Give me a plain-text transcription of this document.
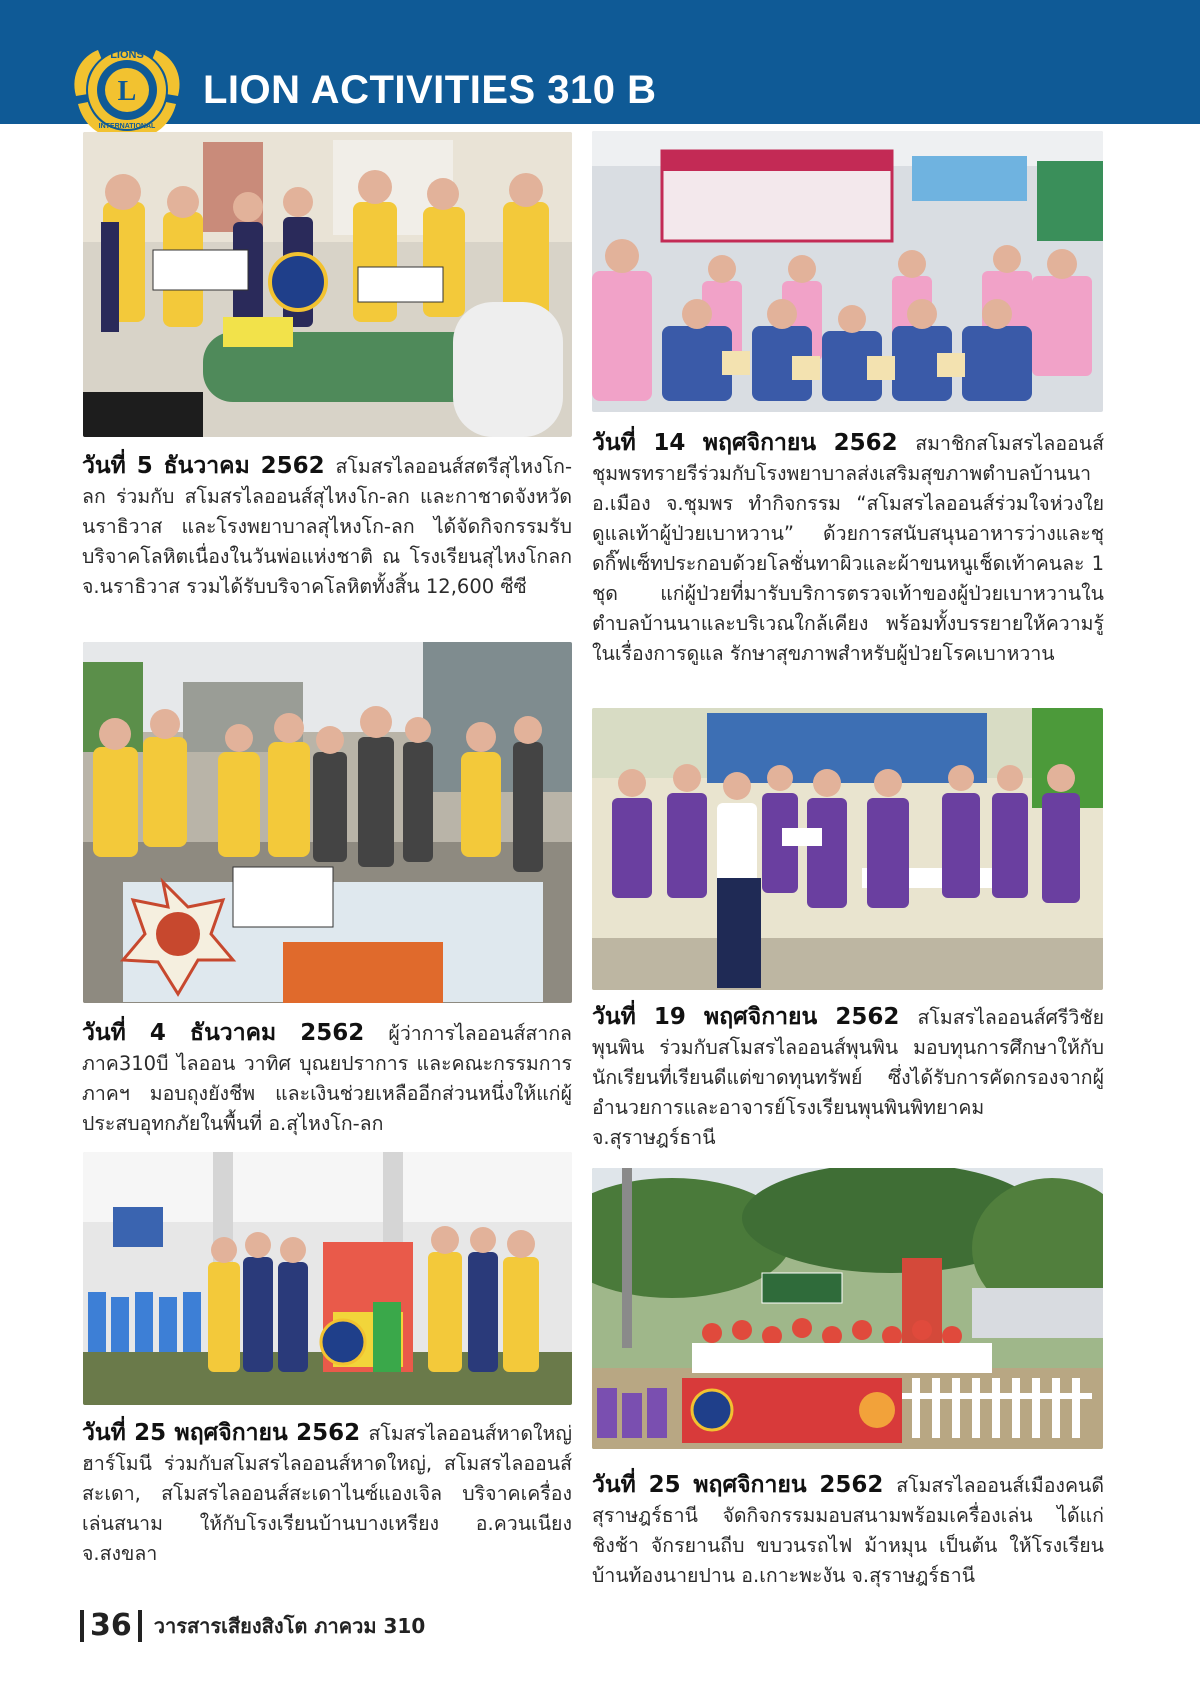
LION ACTIVITIES 310 B
L
LIONS
INTERNATIONAL
วันที่ 5 ธันวาคม 2562 สโมสรไลออนส์สตรีสุไหงโก-ลก ร่วมกับ สโมสรไลออนส์สุไหงโก-ลก และกาชาดจังหวัดนราธิวาส และโรงพยาบาลสุไหงโก-ลก ได้จัดกิจกรรมรับบริจาคโลหิตเนื่องในวันพ่อแห่งชาติ ณ โรงเรียนสุไหงโกลก จ.นราธิวาส รวมได้รับบริจาคโลหิตทั้งสิ้น 12,600 ซีซี
วันที่ 4 ธันวาคม 2562 ผู้ว่าการไลออนส์สากลภาค310บี ไลออน วาทิศ บุณยปราการ และคณะกรรมการภาคฯ มอบถุงยังชีพ และเงินช่วยเหลืออีกส่วนหนึ่งให้แก่ผู้ประสบอุทกภัยในพื้นที่ อ.สุไหงโก-ลก
วันที่ 25 พฤศจิกายน 2562 สโมสรไลออนส์หาดใหญ่ ฮาร์โมนี ร่วมกับสโมสรไลออนส์หาดใหญ่, สโมสรไลออนส์สะเดา, สโมสรไลออนส์สะเดาไนซ์แองเจิล บริจาคเครื่องเล่นสนาม ให้กับโรงเรียนบ้านบางเหรียง อ.ควนเนียง จ.สงขลา
วันที่ 14 พฤศจิกายน 2562 สมาชิกสโมสรไลออนส์ชุมพรทรายรีร่วมกับโรงพยาบาลส่งเสริมสุขภาพตำบลบ้านนา อ.เมือง จ.ชุมพร ทำกิจกรรม “สโมสรไลออนส์ร่วมใจห่วงใยดูแลเท้าผู้ป่วยเบาหวาน” ด้วยการสนับสนุนอาหารว่างและชุดกิ๊ฟเซ็ทประกอบด้วยโลชั่นทาผิวและผ้าขนหนูเช็ดเท้าคนละ 1 ชุด แก่ผู้ป่วยที่มารับบริการตรวจเท้าของผู้ป่วยเบาหวานในตำบลบ้านนาและบริเวณใกล้เคียง พร้อมทั้งบรรยายให้ความรู้ในเรื่องการดูแล รักษาสุขภาพสำหรับผู้ป่วยโรคเบาหวาน
วันที่ 19 พฤศจิกายน 2562 สโมสรไลออนส์ศรีวิชัยพุนพิน ร่วมกับสโมสรไลออนส์พุนพิน มอบทุนการศึกษาให้กับนักเรียนที่เรียนดีแต่ขาดทุนทรัพย์ ซึ่งได้รับการคัดกรองจากผู้อำนวยการและอาจารย์โรงเรียนพุนพินพิทยาคม จ.สุราษฎร์ธานี
วันที่ 25 พฤศจิกายน 2562 สโมสรไลออนส์เมืองคนดีสุราษฎร์ธานี จัดกิจกรรมมอบสนามพร้อมเครื่องเล่น ได้แก่ ชิงช้า จักรยานถีบ ขบวนรถไฟ ม้าหมุน เป็นต้น ให้โรงเรียนบ้านท้องนายปาน อ.เกาะพะงัน จ.สุราษฎร์ธานี
36	วารสารเสียงสิงโต ภาควม 310
